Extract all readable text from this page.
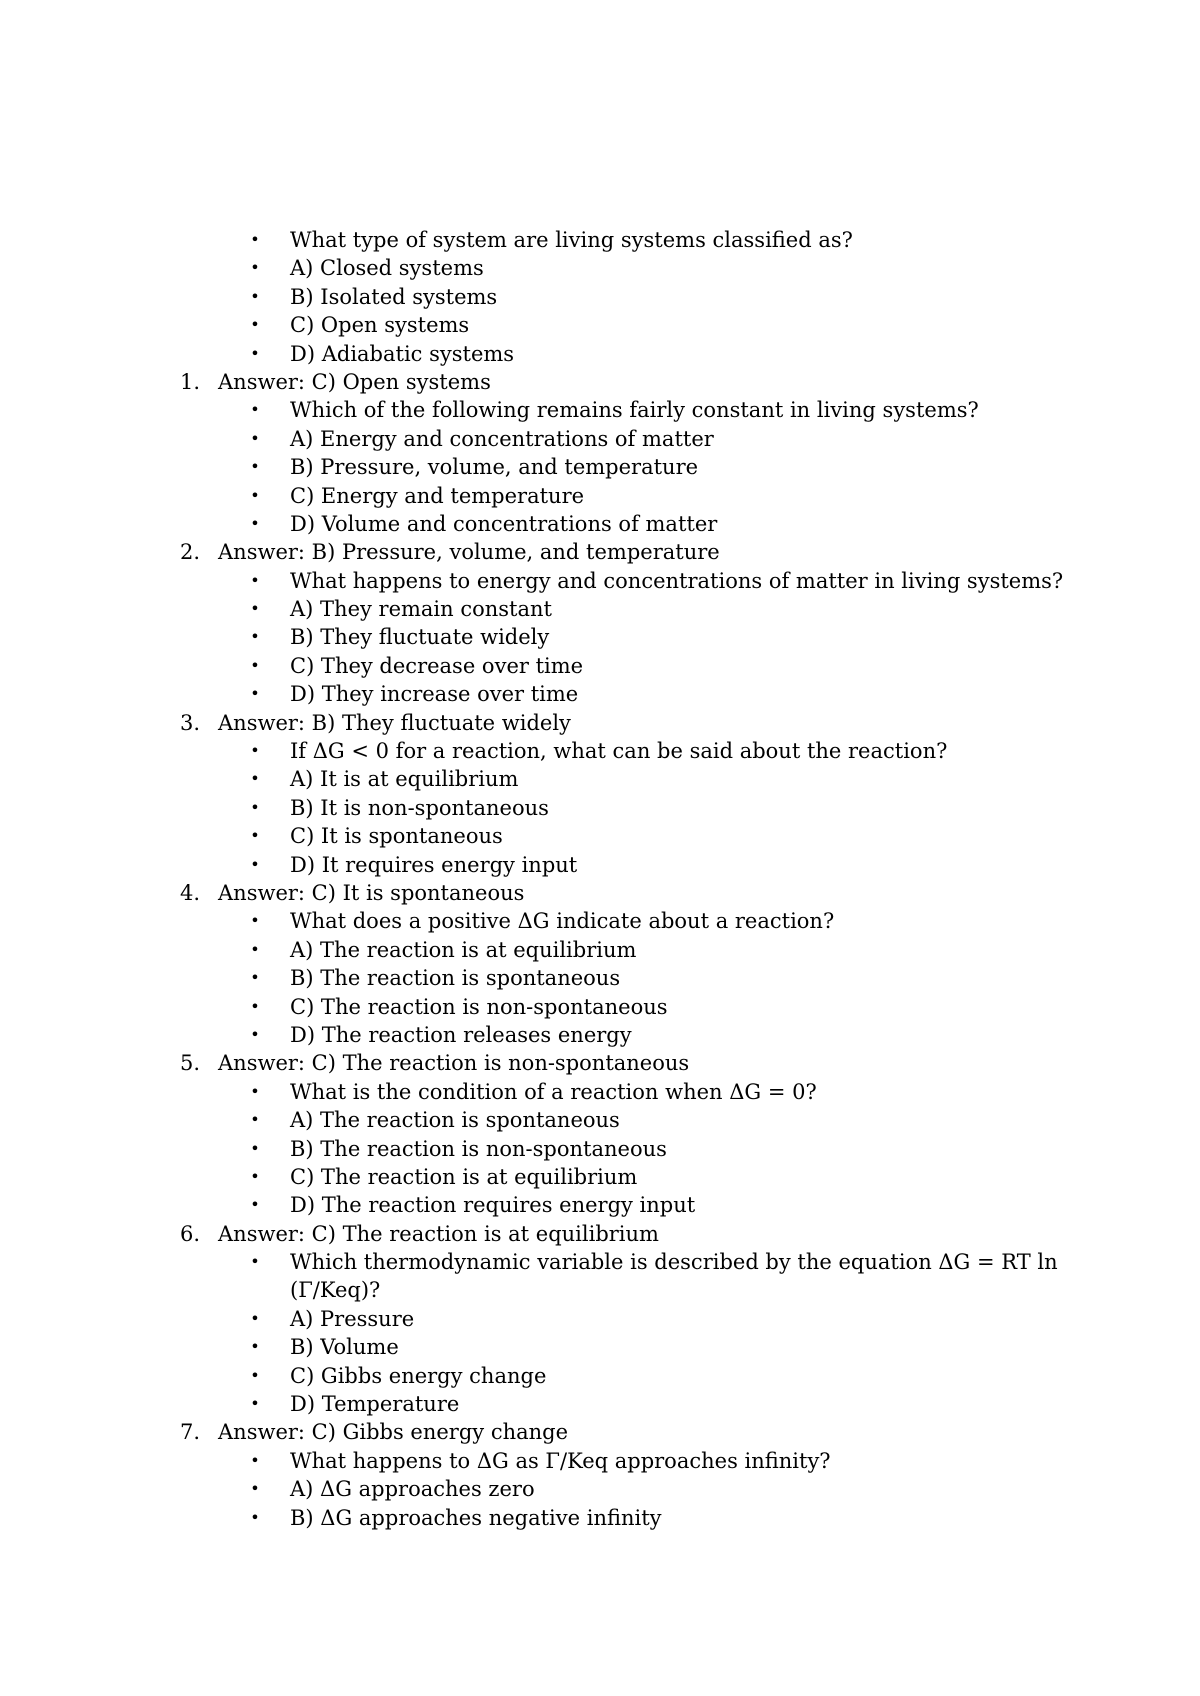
• What type of system are living systems classified as?
• A) Closed systems
• B) Isolated systems
• C) Open systems
• D) Adiabatic systems
1. Answer: C) Open systems
• Which of the following remains fairly constant in living systems?
• A) Energy and concentrations of matter
• B) Pressure, volume, and temperature
• C) Energy and temperature
• D) Volume and concentrations of matter
2. Answer: B) Pressure, volume, and temperature
• What happens to energy and concentrations of matter in living systems?
• A) They remain constant
• B) They fluctuate widely
• C) They decrease over time
• D) They increase over time
3. Answer: B) They fluctuate widely
• If ΔG < 0 for a reaction, what can be said about the reaction?
• A) It is at equilibrium
• B) It is non-spontaneous
• C) It is spontaneous
• D) It requires energy input
4. Answer: C) It is spontaneous
• What does a positive ΔG indicate about a reaction?
• A) The reaction is at equilibrium
• B) The reaction is spontaneous
• C) The reaction is non-spontaneous
• D) The reaction releases energy
5. Answer: C) The reaction is non-spontaneous
• What is the condition of a reaction when ΔG = 0?
• A) The reaction is spontaneous
• B) The reaction is non-spontaneous
• C) The reaction is at equilibrium
• D) The reaction requires energy input
6. Answer: C) The reaction is at equilibrium
• Which thermodynamic variable is described by the equation ΔG = RT ln
(Γ/Keq)?
• A) Pressure
• B) Volume
• C) Gibbs energy change
• D) Temperature
7. Answer: C) Gibbs energy change
• What happens to ΔG as Γ/Keq approaches infinity?
• A) ΔG approaches zero
• B) ΔG approaches negative infinity
